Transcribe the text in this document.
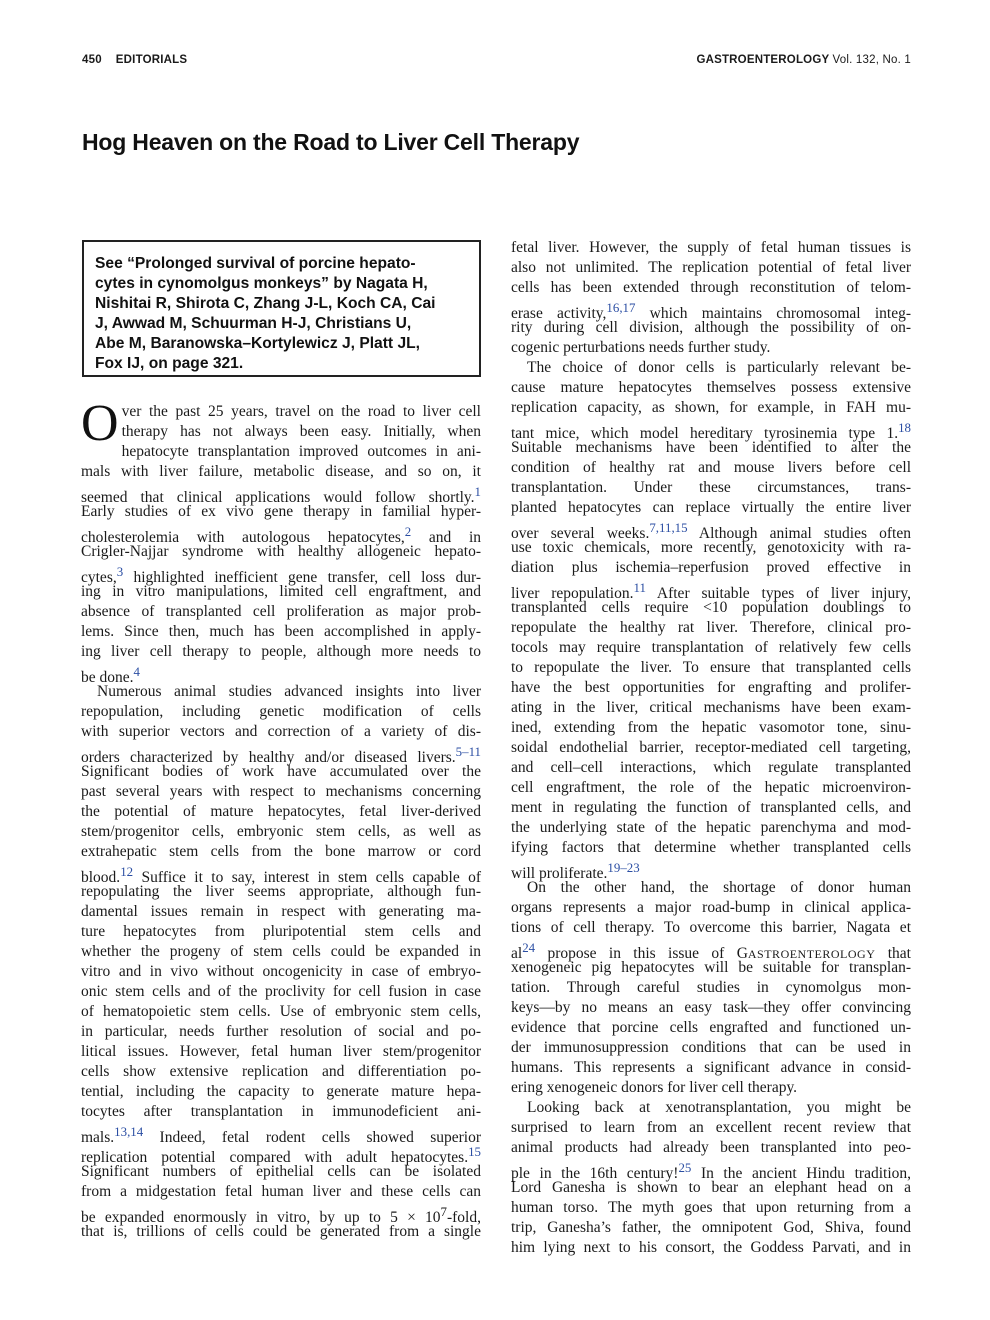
450 EDITORIALS	GASTROENTEROLOGY Vol. 132, No. 1
Hog Heaven on the Road to Liver Cell Therapy
See “Prolonged survival of porcine hepato-
cytes in cynomolgus monkeys” by Nagata H,
Nishitai R, Shirota C, Zhang J-L, Koch CA, Cai
J, Awwad M, Schuurman H-J, Christians U,
Abe M, Baranowska–Kortylewicz J, Platt JL,
Fox IJ, on page 321.
O ver the past 25 years, travel on the road to liver cell
therapy has not always been easy. Initially, when
hepatocyte transplantation improved outcomes in ani-
mals with liver failure, metabolic disease, and so on, it
seemed that clinical applications would follow shortly.$^1$
Early studies of ex vivo gene therapy in familial hyper-
cholesterolemia with autologous hepatocytes,$^2$ and in
Crigler-Najjar syndrome with healthy allogeneic hepato-
cytes,$^3$ highlighted inefficient gene transfer, cell loss dur-
ing in vitro manipulations, limited cell engraftment, and
absence of transplanted cell proliferation as major prob-
lems. Since then, much has been accomplished in apply-
ing liver cell therapy to people, although more needs to
be done.$^4$
Numerous animal studies advanced insights into liver
repopulation, including genetic modification of cells
with superior vectors and correction of a variety of dis-
orders characterized by healthy and/or diseased livers.$^{5-11}$
Significant bodies of work have accumulated over the
past several years with respect to mechanisms concerning
the potential of mature hepatocytes, fetal liver-derived
stem/progenitor cells, embryonic stem cells, as well as
extrahepatic stem cells from the bone marrow or cord
blood.$^{12}$ Suffice it to say, interest in stem cells capable of
repopulating the liver seems appropriate, although fun-
damental issues remain in respect with generating ma-
ture hepatocytes from pluripotential stem cells and
whether the progeny of stem cells could be expanded in
vitro and in vivo without oncogenicity in case of embryo-
onic stem cells and of the proclivity for cell fusion in case
of hematopoietic stem cells. Use of embryonic stem cells,
in particular, needs further resolution of social and po-
litical issues. However, fetal human liver stem/progenitor
cells show extensive replication and differentiation po-
tential, including the capacity to generate mature hepa-
tocytes after transplantation in immunodeficient ani-
mals.$^{13,14}$ Indeed, fetal rodent cells showed superior
replication potential compared with adult hepatocytes.$^{15}$
Significant numbers of epithelial cells can be isolated
from a midgestation fetal human liver and these cells can
be expanded enormously in vitro, by up to $5 \times 10^7$-fold,
that is, trillions of cells could be generated from a single
fetal liver. However, the supply of fetal human tissues is
also not unlimited. The replication potential of fetal liver
cells has been extended through reconstitution of telom-
erase activity,$^{16,17}$ which maintains chromosomal integ-
rity during cell division, although the possibility of on-
cogenic perturbations needs further study.
The choice of donor cells is particularly relevant be-
cause mature hepatocytes themselves possess extensive
replication capacity, as shown, for example, in FAH mu-
tant mice, which model hereditary tyrosinemia type 1.18
Suitable mechanisms have been identified to alter the
condition of healthy rat and mouse livers before cell
transplantation. Under these circumstances, trans-
planted hepatocytes can replace virtually the entire liver
over several weeks.$^{7,11,15}$ Although animal studies often
use toxic chemicals, more recently, genotoxicity with ra-
diation plus ischemia–reperfusion proved effective in
liver repopulation.$^{11}$ After suitable types of liver injury,
transplanted cells require <10 population doublings to
repopulate the healthy rat liver. Therefore, clinical pro-
tocols may require transplantation of relatively few cells
to repopulate the liver. To ensure that transplanted cells
have the best opportunities for engrafting and prolifer-
ating in the liver, critical mechanisms have been exam-
ined, extending from the hepatic vasomotor tone, sinu-
soidal endothelial barrier, receptor-mediated cell targeting,
and cell–cell interactions, which regulate transplanted
cell engraftment, the role of the hepatic microenviron-
ment in regulating the function of transplanted cells, and
the underlying state of the hepatic parenchyma and mod-
ifying factors that determine whether transplanted cells
will proliferate.$^{19-23}$
On the other hand, the shortage of donor human
organs represents a major road-bump in clinical applica-
tions of cell therapy. To overcome this barrier, Nagata et
al$^{24}$ propose in this issue of GASTROENTEROLOGY that
xenogeneic pig hepatocytes will be suitable for transplan-
tation. Through careful studies in cynomolgus mon-
keys—by no means an easy task—they offer convincing
evidence that porcine cells engrafted and functioned un-
der immunosuppression conditions that can be used in
humans. This represents a significant advance in consid-
ering xenogeneic donors for liver cell therapy.
Looking back at xenotransplantation, you might be
surprised to learn from an excellent recent review that
animal products had already been transplanted into peo-
ple in the 16th century!$^{25}$ In the ancient Hindu tradition,
Lord Ganesha is shown to bear an elephant head on a
human torso. The myth goes that upon returning from a
trip, Ganesha’s father, the omnipotent God, Shiva, found
him lying next to his consort, the Goddess Parvati, and in
